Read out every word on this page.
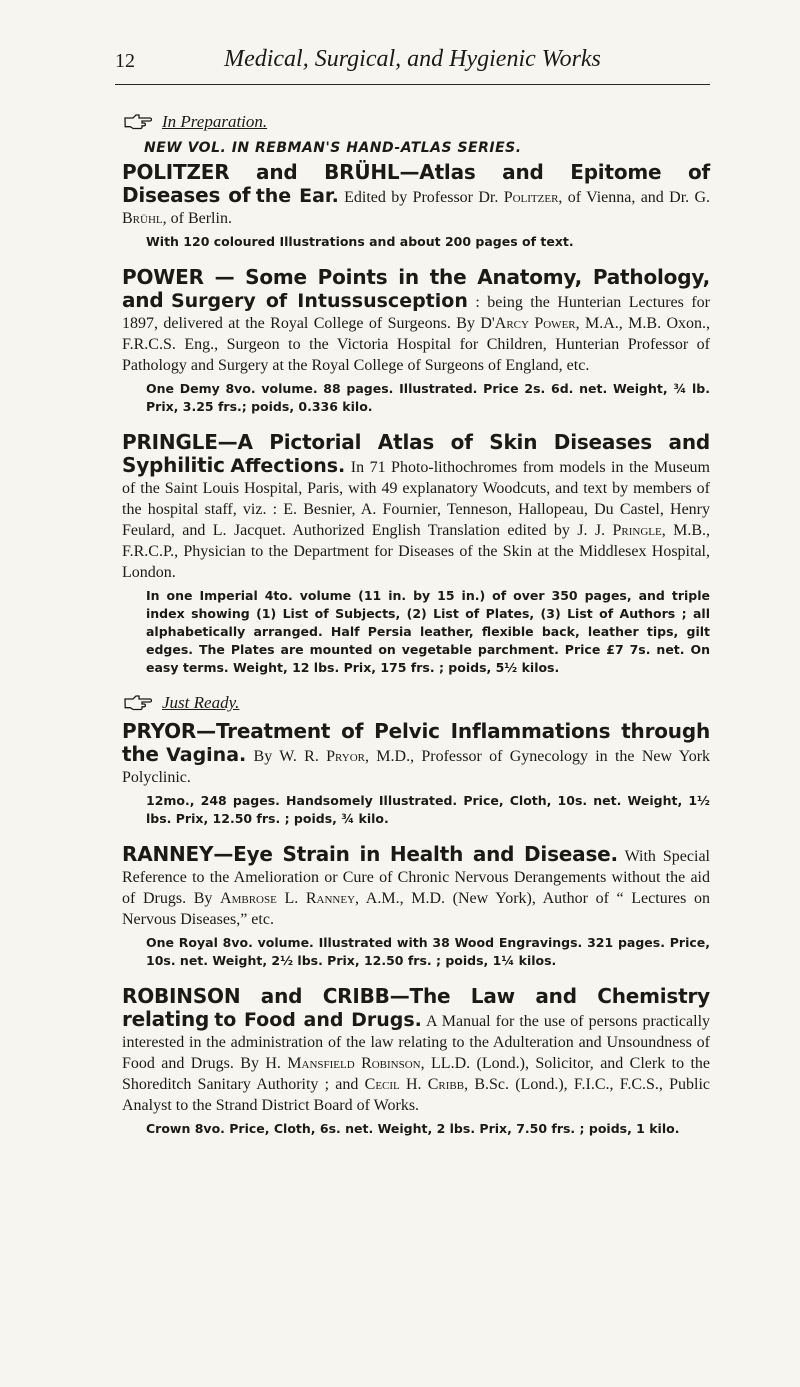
12	Medical, Surgical, and Hygienic Works
In Preparation.
NEW VOL. IN REBMAN'S HAND-ATLAS SERIES.

POLITZER and BRÜHL—Atlas and Epitome of Diseases of the Ear. Edited by Professor Dr. Politzer, of Vienna, and Dr. G. Brühl, of Berlin.

With 120 coloured Illustrations and about 200 pages of text.

POWER — Some Points in the Anatomy, Pathology, and Surgery of Intussusception : being the Hunterian Lectures for 1897, delivered at the Royal College of Surgeons. By D'Arcy Power, M.A., M.B. Oxon., F.R.C.S. Eng., Surgeon to the Victoria Hospital for Children, Hunterian Professor of Pathology and Surgery at the Royal College of Surgeons of England, etc.

One Demy 8vo. volume. 88 pages. Illustrated. Price 2s. 6d. net. Weight, ¾ lb. Prix, 3.25 frs.; poids, 0.336 kilo.

PRINGLE—A Pictorial Atlas of Skin Diseases and Syphilitic Affections. In 71 Photo-lithochromes from models in the Museum of the Saint Louis Hospital, Paris, with 49 explanatory Woodcuts, and text by members of the hospital staff, viz. : E. Besnier, A. Fournier, Tenneson, Hallopeau, Du Castel, Henry Feulard, and L. Jacquet. Authorized English Translation edited by J. J. Pringle, M.B., F.R.C.P., Physician to the Department for Diseases of the Skin at the Middlesex Hospital, London.

In one Imperial 4to. volume (11 in. by 15 in.) of over 350 pages, and triple index showing (1) List of Subjects, (2) List of Plates, (3) List of Authors ; all alphabetically arranged. Half Persia leather, flexible back, leather tips, gilt edges. The Plates are mounted on vegetable parchment. Price £7 7s. net. On easy terms. Weight, 12 lbs. Prix, 175 frs. ; poids, 5½ kilos.

Just Ready.

PRYOR—Treatment of Pelvic Inflammations through the Vagina. By W. R. Pryor, M.D., Professor of Gynecology in the New York Polyclinic.

12mo., 248 pages. Handsomely Illustrated. Price, Cloth, 10s. net. Weight, 1½ lbs. Prix, 12.50 frs. ; poids, ¾ kilo.

RANNEY—Eye Strain in Health and Disease. With Special Reference to the Amelioration or Cure of Chronic Nervous Derangements without the aid of Drugs. By Ambrose L. Ranney, A.M., M.D. (New York), Author of “ Lectures on Nervous Diseases,” etc.

One Royal 8vo. volume. Illustrated with 38 Wood Engravings. 321 pages. Price, 10s. net. Weight, 2½ lbs. Prix, 12.50 frs. ; poids, 1¼ kilos.

ROBINSON and CRIBB—The Law and Chemistry relating to Food and Drugs. A Manual for the use of persons practically interested in the administration of the law relating to the Adulteration and Unsoundness of Food and Drugs. By H. Mansfield Robinson, LL.D. (Lond.), Solicitor, and Clerk to the Shoreditch Sanitary Authority ; and Cecil H. Cribb, B.Sc. (Lond.), F.I.C., F.C.S., Public Analyst to the Strand District Board of Works.

Crown 8vo. Price, Cloth, 6s. net. Weight, 2 lbs. Prix, 7.50 frs. ; poids, 1 kilo.
